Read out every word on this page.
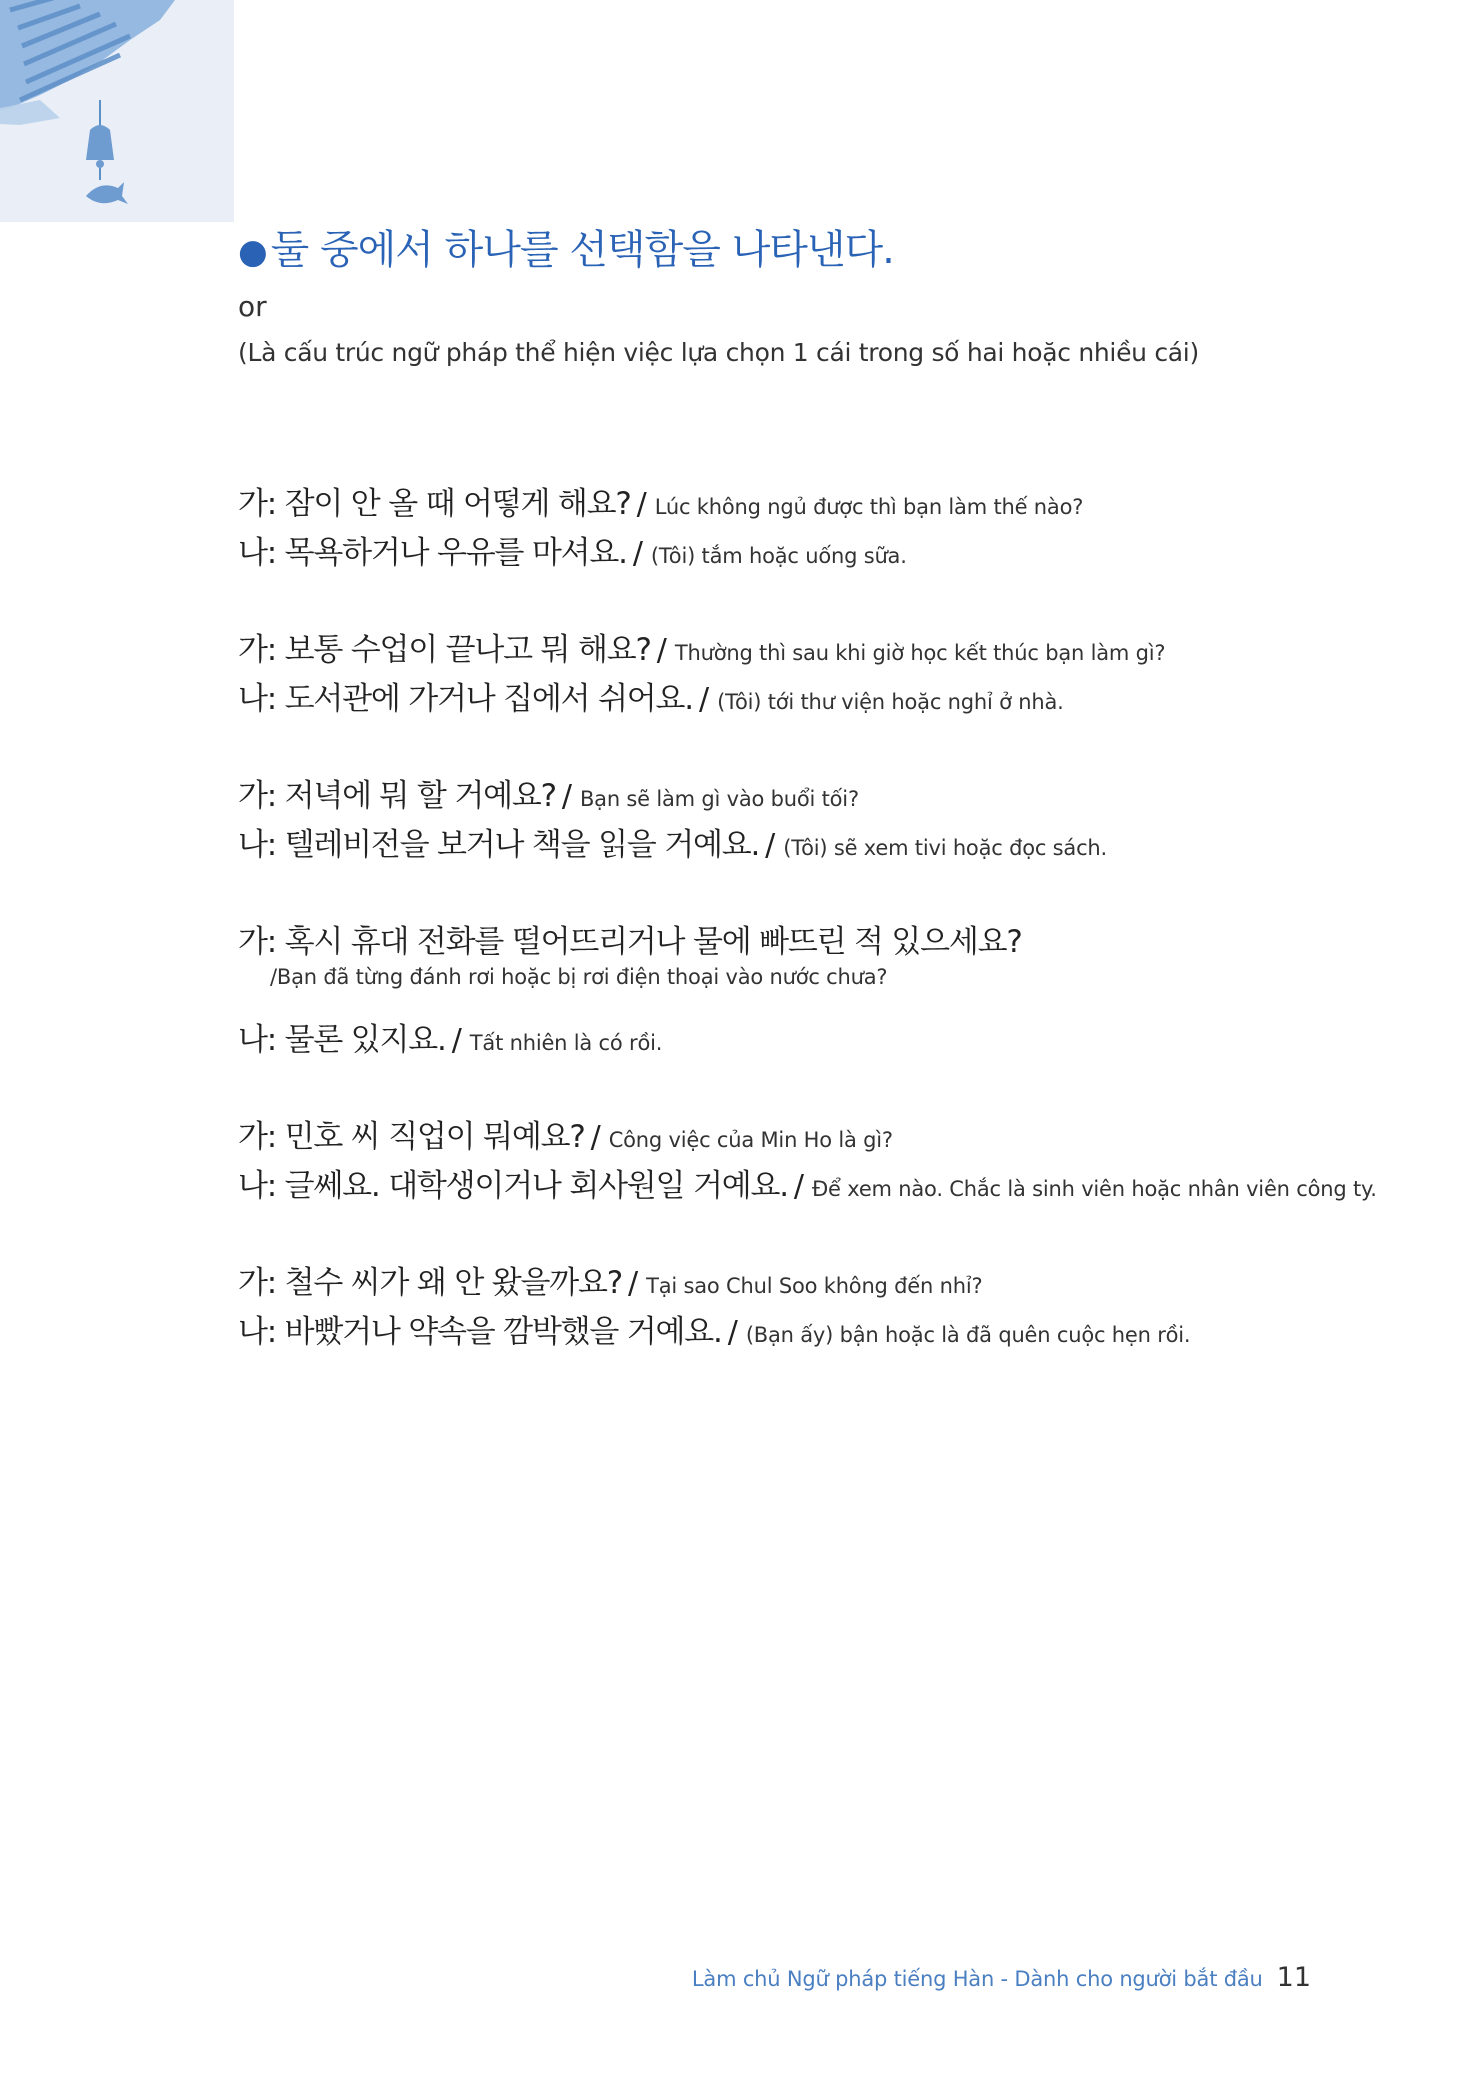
● 둘 중에서 하나를 선택함을 나타낸다.
or
(Là cấu trúc ngữ pháp thể hiện việc lựa chọn 1 cái trong số hai hoặc nhiều cái)
가: 잠이 안 올 때 어떻게 해요? / Lúc không ngủ được thì bạn làm thế nào?
나: 목욕하거나 우유를 마셔요. / (Tôi) tắm hoặc uống sữa.
가: 보통 수업이 끝나고 뭐 해요? / Thường thì sau khi giờ học kết thúc bạn làm gì?
나: 도서관에 가거나 집에서 쉬어요. / (Tôi) tới thư viện hoặc nghỉ ở nhà.
가: 저녁에 뭐 할 거예요? / Bạn sẽ làm gì vào buổi tối?
나: 텔레비전을 보거나 책을 읽을 거예요. / (Tôi) sẽ xem tivi hoặc đọc sách.
가: 혹시 휴대 전화를 떨어뜨리거나 물에 빠뜨린 적 있으세요?
/Bạn đã từng đánh rơi hoặc bị rơi điện thoại vào nước chưa?
나: 물론 있지요. / Tất nhiên là có rồi.
가: 민호 씨 직업이 뭐예요? / Công việc của Min Ho là gì?
나: 글쎄요. 대학생이거나 회사원일 거예요. / Để xem nào. Chắc là sinh viên hoặc nhân viên công ty.
가: 철수 씨가 왜 안 왔을까요? / Tại sao Chul Soo không đến nhỉ?
나: 바빴거나 약속을 깜박했을 거예요. / (Bạn ấy) bận hoặc là đã quên cuộc hẹn rồi.
Làm chủ Ngữ pháp tiếng Hàn - Dành cho người bắt đầu 11
